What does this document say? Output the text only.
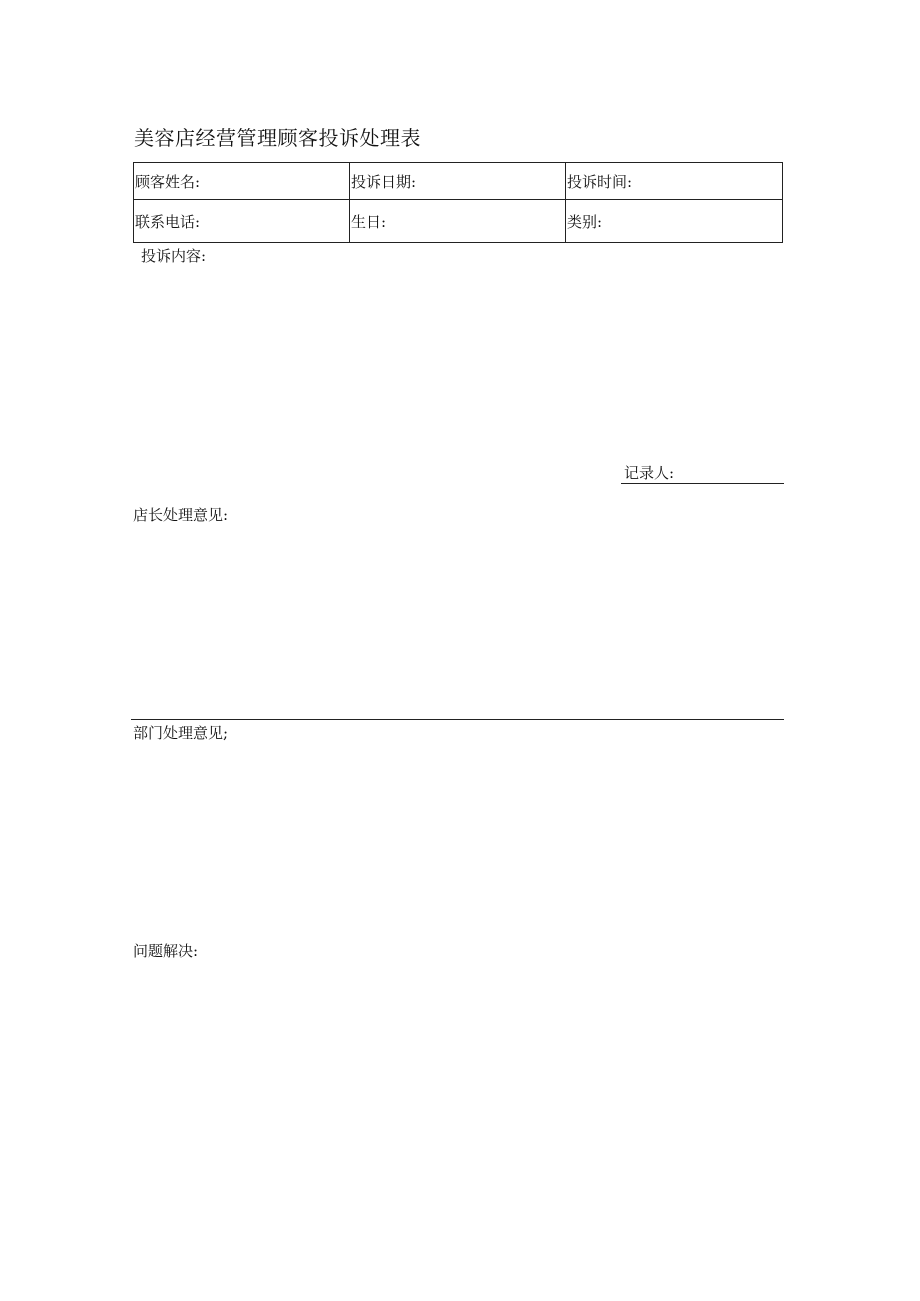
美容店经营管理顾客投诉处理表
顾客姓名:	投诉日期:	投诉时间:
联系电话:	生日:	类别:
投诉内容:
记录人:
店长处理意见:
部门处理意见;
问题解决:
